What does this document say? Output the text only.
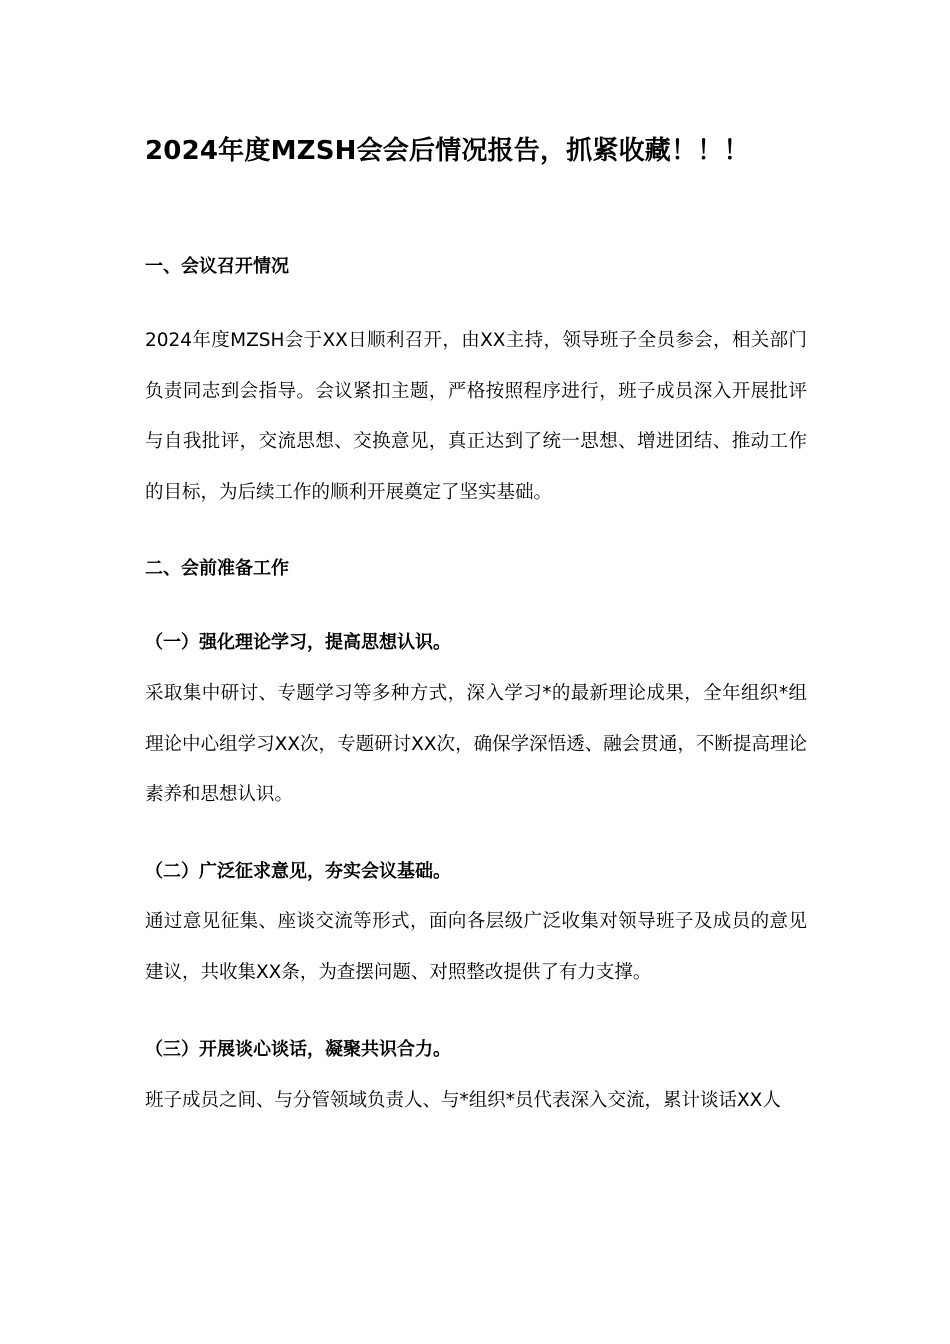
2024年度MZSH会会后情况报告，抓紧收藏！！！
一、会议召开情况
2024年度MZSH会于XX日顺利召开，由XX主持，领导班子全员参会，相关部门负责同志到会指导。会议紧扣主题，严格按照程序进行，班子成员深入开展批评与自我批评，交流思想、交换意见，真正达到了统一思想、增进团结、推动工作的目标，为后续工作的顺利开展奠定了坚实基础。
二、会前准备工作
（一）强化理论学习，提高思想认识。
采取集中研讨、专题学习等多种方式，深入学习*的最新理论成果，全年组织*组理论中心组学习XX次，专题研讨XX次，确保学深悟透、融会贯通，不断提高理论素养和思想认识。
（二）广泛征求意见，夯实会议基础。
通过意见征集、座谈交流等形式，面向各层级广泛收集对领导班子及成员的意见建议，共收集XX条，为查摆问题、对照整改提供了有力支撑。
（三）开展谈心谈话，凝聚共识合力。
班子成员之间、与分管领域负责人、与*组织*员代表深入交流，累计谈话XX人
